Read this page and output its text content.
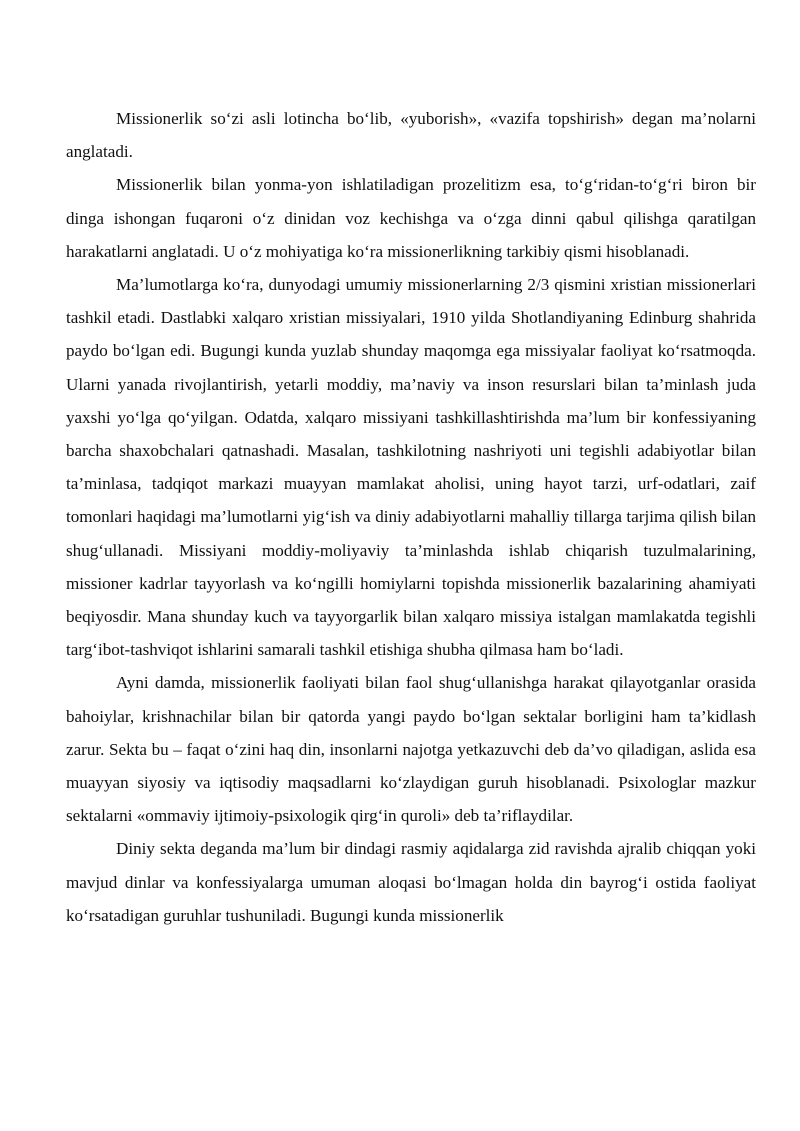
Missionerlik so‘zi asli lotincha bo‘lib, «yuborish», «vazifa topshirish» degan ma’nolarni anglatadi.

Missionerlik bilan yonma-yon ishlatiladigan prozelitizm esa, to‘g‘ridan-to‘g‘ri biron bir dinga ishongan fuqaroni o‘z dinidan voz kechishga va o‘zga dinni qabul qilishga qaratilgan harakatlarni anglatadi. U o‘z mohiyatiga ko‘ra missionerlikning tarkibiy qismi hisoblanadi.

Ma’lumotlarga ko‘ra, dunyodagi umumiy missionerlarning 2/3 qismini xristian missionerlari tashkil etadi. Dastlabki xalqaro xristian missiyalari, 1910 yilda Shotlandiyaning Edinburg shahrida paydo bo‘lgan edi. Bugungi kunda yuzlab shunday maqomga ega missiyalar faoliyat ko‘rsatmoqda. Ularni yanada rivojlantirish, yetarli moddiy, ma’naviy va inson resurslari bilan ta’minlash juda yaxshi yo‘lga qo‘yilgan. Odatda, xalqaro missiyani tashkillashtirishda ma’lum bir konfessiyaning barcha shaxobchalari qatnashadi. Masalan, tashkilotning nashriyoti uni tegishli adabiyotlar bilan ta’minlasa, tadqiqot markazi muayyan mamlakat aholisi, uning hayot tarzi, urf-odatlari, zaif tomonlari haqidagi ma’lumotlarni yig‘ish va diniy adabiyotlarni mahalliy tillarga tarjima qilish bilan shug‘ullanadi. Missiyani moddiy-moliyaviy ta’minlashda ishlab chiqarish tuzulmalarining, missioner kadrlar tayyorlash va ko‘ngilli homiylarni topishda missionerlik bazalarining ahamiyati beqiyosdir. Mana shunday kuch va tayyorgarlik bilan xalqaro missiya istalgan mamlakatda tegishli targ‘ibot-tashviqot ishlarini samarali tashkil etishiga shubha qilmasa ham bo‘ladi.

Ayni damda, missionerlik faoliyati bilan faol shug‘ullanishga harakat qilayotganlar orasida bahoiylar, krishnachilar bilan bir qatorda yangi paydo bo‘lgan sektalar borligini ham ta’kidlash zarur. Sekta bu – faqat o‘zini haq din, insonlarni najotga yetkazuvchi deb da’vo qiladigan, aslida esa muayyan siyosiy va iqtisodiy maqsadlarni ko‘zlaydigan guruh hisoblanadi. Psixologlar mazkur sektalarni «ommaviy ijtimoiy-psixologik qirg‘in quroli» deb ta’riflaydilar.

Diniy sekta deganda ma’lum bir dindagi rasmiy aqidalarga zid ravishda ajralib chiqqan yoki mavjud dinlar va konfessiyalarga umuman aloqasi bo‘lmagan holda din bayrog‘i ostida faoliyat ko‘rsatadigan guruhlar tushuniladi. Bugungi kunda missionerlik
